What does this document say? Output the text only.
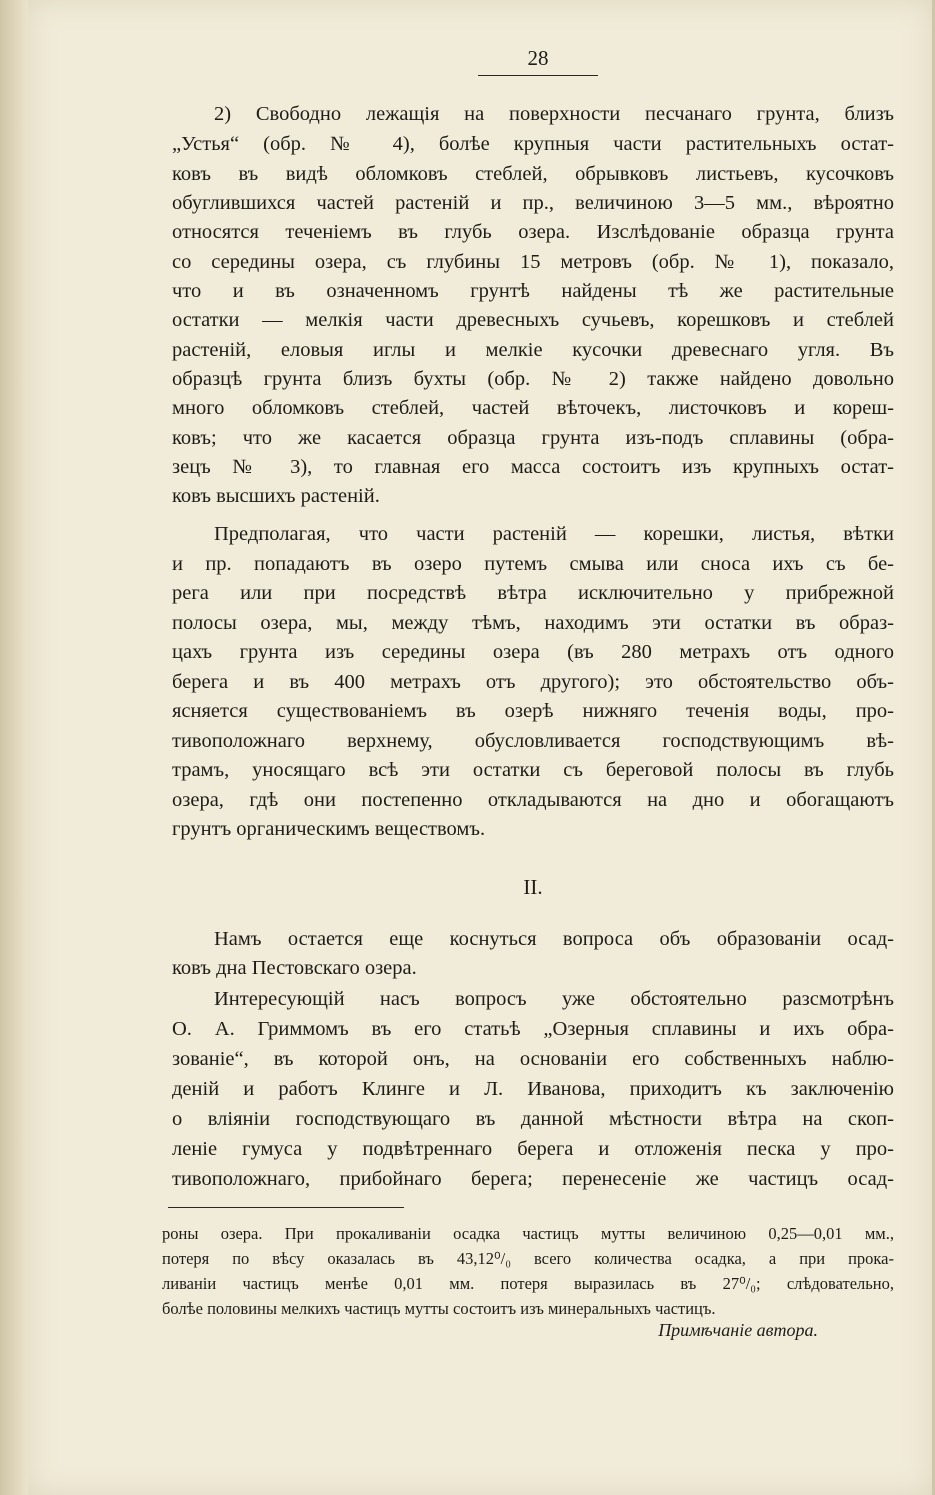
28
2) Свободно лежащія на поверхности песчанаго грунта, близъ
„Устья“ (обр. № 4), болѣе крупныя части растительныхъ остат-
ковъ въ видѣ обломковъ стеблей, обрывковъ листьевъ, кусочковъ
обуглившихся частей растеній и пр., величиною 3—5 мм., вѣроятно
относятся теченіемъ въ глубь озера. Изслѣдованіе образца грунта
со середины озера, съ глубины 15 метровъ (обр. № 1), показало,
что и въ означенномъ грунтѣ найдены тѣ же растительные
остатки — мелкія части древесныхъ сучьевъ, корешковъ и стеблей
растеній, еловыя иглы и мелкіе кусочки древеснаго угля. Въ
образцѣ грунта близъ бухты (обр. № 2) также найдено довольно
много обломковъ стеблей, частей вѣточекъ, листочковъ и кореш-
ковъ; что же касается образца грунта изъ-подъ сплавины (обра-
зецъ № 3), то главная его масса состоитъ изъ крупныхъ остат-
ковъ высшихъ растеній.
Предполагая, что части растеній — корешки, листья, вѣтки
и пр. попадаютъ въ озеро путемъ смыва или сноса ихъ съ бе-
рега или при посредствѣ вѣтра исключительно у прибрежной
полосы озера, мы, между тѣмъ, находимъ эти остатки въ образ-
цахъ грунта изъ середины озера (въ 280 метрахъ отъ одного
берега и въ 400 метрахъ отъ другого); это обстоятельство объ-
ясняется существованіемъ въ озерѣ нижняго теченія воды, про-
тивоположнаго верхнему, обусловливается господствующимъ вѣ-
трамъ, уносящаго всѣ эти остатки съ береговой полосы въ глубь
озера, гдѣ они постепенно откладываются на дно и обогащаютъ
грунтъ органическимъ веществомъ.
II.
Намъ остается еще коснуться вопроса объ образованіи осад-
ковъ дна Пестовскаго озера.
Интересующій насъ вопросъ уже обстоятельно разсмотрѣнъ
О. А. Гриммомъ въ его статьѣ „Озерныя сплавины и ихъ обра-
зованіе“, въ которой онъ, на основаніи его собственныхъ наблю-
деній и работъ Клинге и Л. Иванова, приходитъ къ заключенію
о вліяніи господствующаго въ данной мѣстности вѣтра на скоп-
леніе гумуса у подвѣтреннаго берега и отложенія песка у про-
тивоположнаго, прибойнаго берега; перенесеніе же частицъ осад-
роны озера. При прокаливаніи осадка частицъ мутты величиною 0,25—0,01 мм.,
потеря по вѣсу оказалась въ 43,12⁰/₀ всего количества осадка, а при прока-
ливаніи частицъ менѣе 0,01 мм. потеря выразилась въ 27⁰/₀; слѣдовательно,
болѣе половины мелкихъ частицъ мутты состоитъ изъ минеральныхъ частицъ.
Примѣчаніе автора.
